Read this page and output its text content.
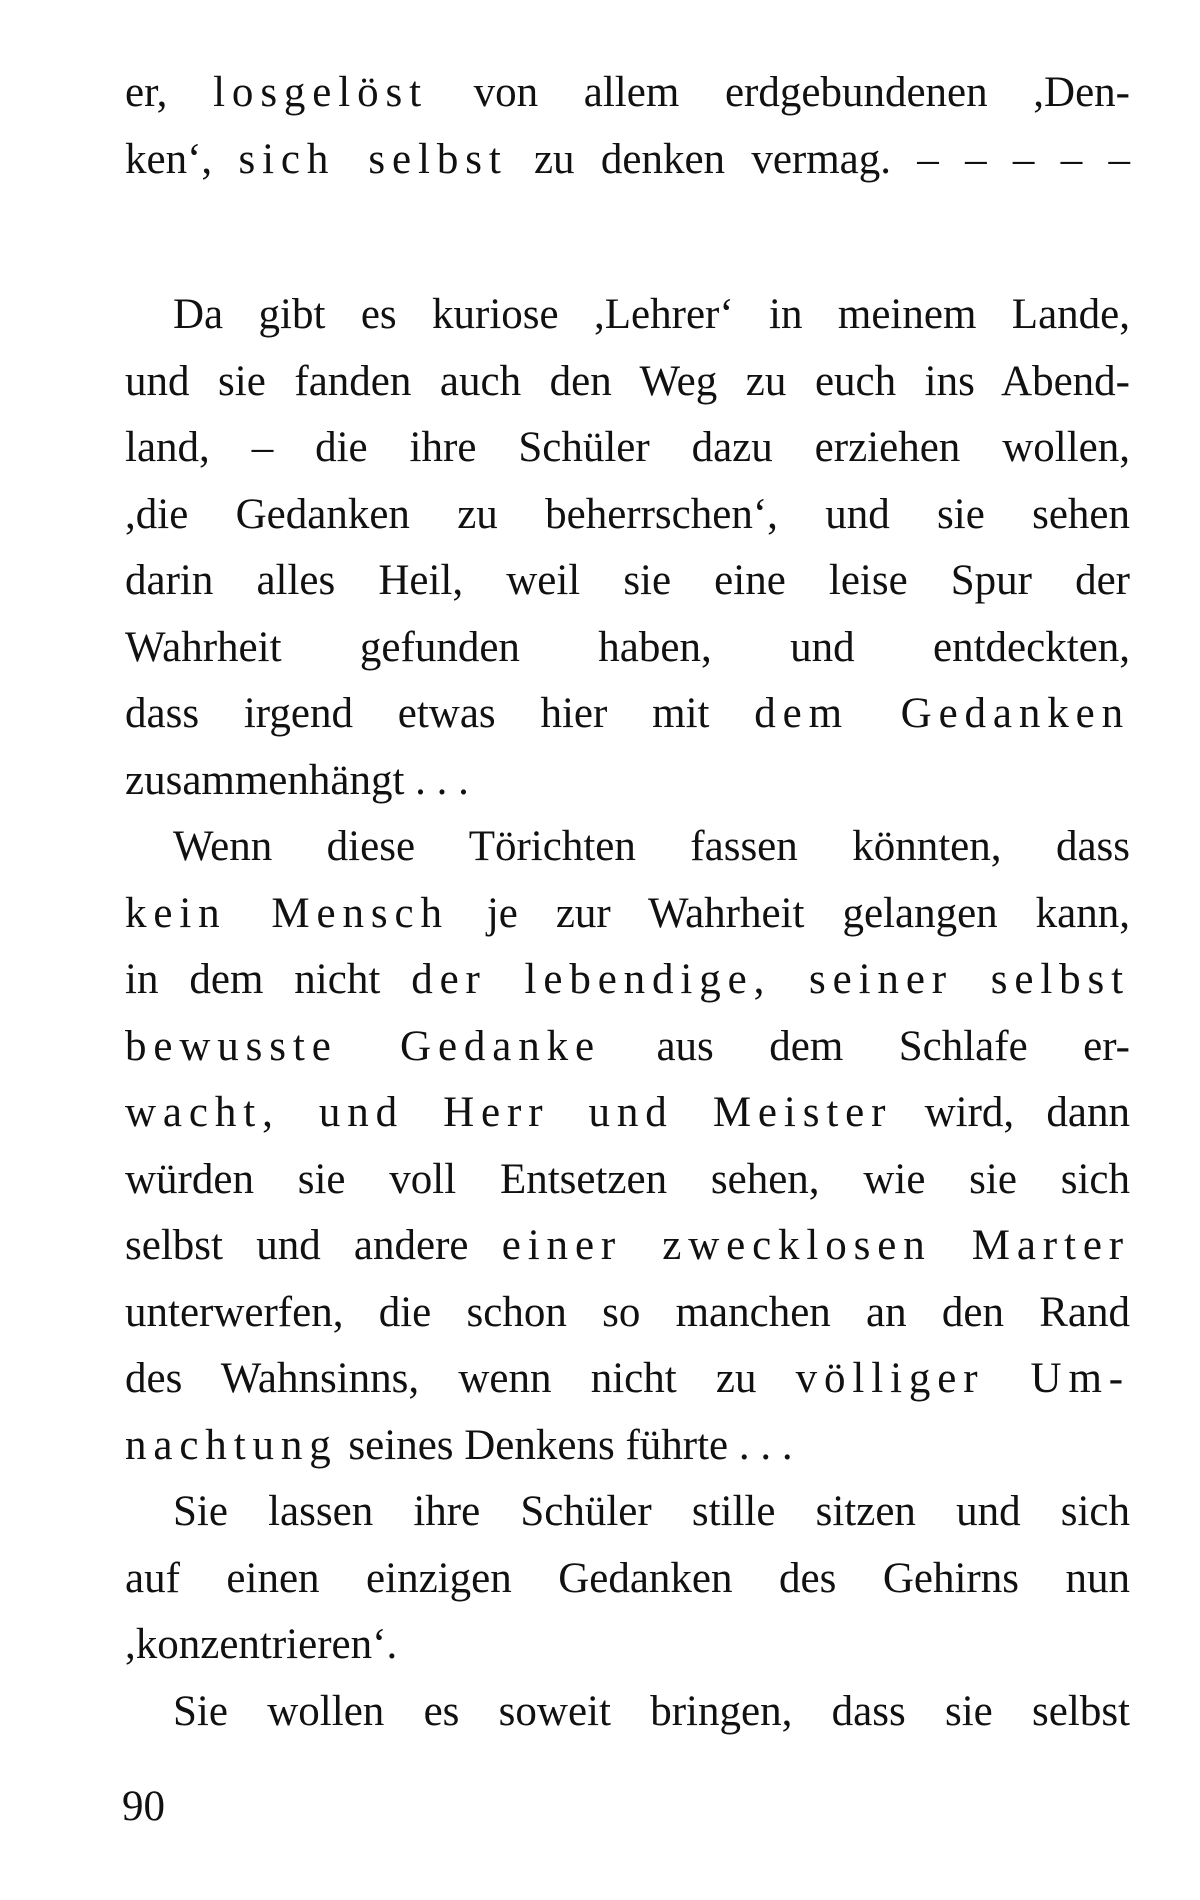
er, losgelöst von allem erdgebundenen ,Den-
ken‘, sich selbst zu denken vermag. – – – – –
Da gibt es kuriose ,Lehrer‘ in meinem Lande,
und sie fanden auch den Weg zu euch ins Abend-
land, – die ihre Schüler dazu erziehen wollen,
,die Gedanken zu beherrschen‘, und sie sehen
darin alles Heil, weil sie eine leise Spur der
Wahrheit gefunden haben, und entdeckten,
dass irgend etwas hier mit dem Gedanken
zusammenhängt . . .
Wenn diese Törichten fassen könnten, dass
kein Mensch je zur Wahrheit gelangen kann,
in dem nicht der lebendige, seiner selbst
bewusste Gedanke aus dem Schlafe er-
wacht, und Herr und Meister wird, dann
würden sie voll Entsetzen sehen, wie sie sich
selbst und andere einer zwecklosen Marter
unterwerfen, die schon so manchen an den Rand
des Wahnsinns, wenn nicht zu völliger Um-
nachtung seines Denkens führte . . .
Sie lassen ihre Schüler stille sitzen und sich
auf einen einzigen Gedanken des Gehirns nun
,konzentrieren‘.
Sie wollen es soweit bringen, dass sie selbst
90
